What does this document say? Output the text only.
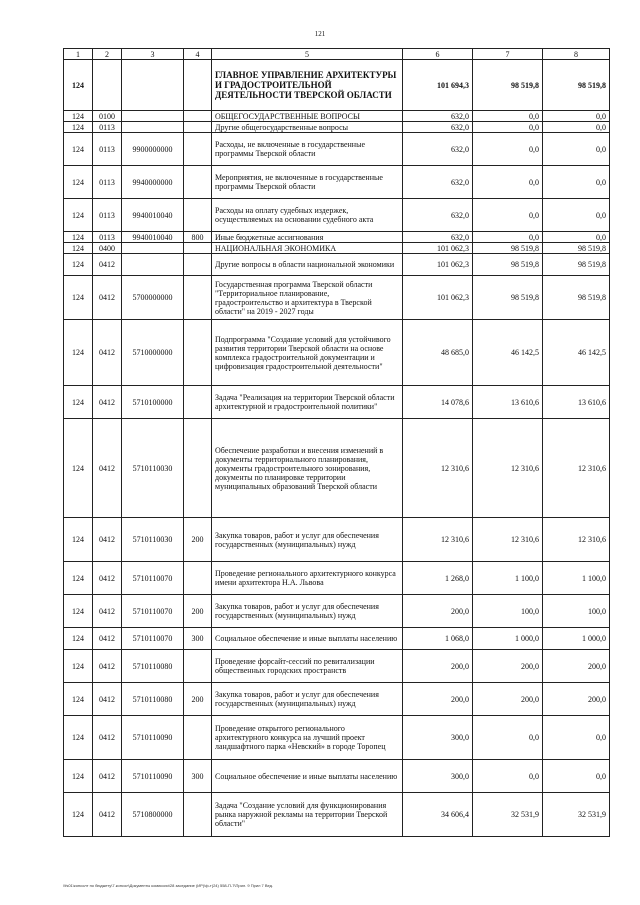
121
1	2	3	4	5	6	7	8
124				ГЛАВНОЕ УПРАВЛЕНИЕ АРХИТЕКТУРЫ И ГРАДОСТРОИТЕЛЬНОЙ ДЕЯТЕЛЬНОСТИ ТВЕРСКОЙ ОБЛАСТИ	101 694,3	98 519,8	98 519,8
124	0100			ОБЩЕГОСУДАРСТВЕННЫЕ ВОПРОСЫ	632,0	0,0	0,0
124	0113			Другие общегосударственные вопросы	632,0	0,0	0,0
124	0113	9900000000		Расходы, не включенные в государственные программы Тверской области	632,0	0,0	0,0
124	0113	9940000000		Мероприятия, не включенные в государственные программы Тверской области	632,0	0,0	0,0
124	0113	9940010040		Расходы на оплату судебных издержек, осуществляемых на основании судебного акта	632,0	0,0	0,0
124	0113	9940010040	800	Иные бюджетные ассигнования	632,0	0,0	0,0
124	0400			НАЦИОНАЛЬНАЯ ЭКОНОМИКА	101 062,3	98 519,8	98 519,8
124	0412			Другие вопросы в области национальной экономики	101 062,3	98 519,8	98 519,8
124	0412	5700000000		Государственная программа Тверской области "Территориальное планирование, градостроительство и архитектура в Тверской области" на 2019 - 2027 годы	101 062,3	98 519,8	98 519,8
124	0412	5710000000		Подпрограмма "Создание условий для устойчивого развития территории Тверской области на основе комплекса градостроительной документации и цифровизация градостроительной деятельности"	48 685,0	46 142,5	46 142,5
124	0412	5710100000		Задача "Реализация на территории Тверской области архитектурной и градостроительной политики"	14 078,6	13 610,6	13 610,6
124	0412	5710110030		Обеспечение разработки и внесения изменений в документы территориального планирования, документы градостроительного зонирования, документы по планировке территории муниципальных образований Тверской области	12 310,6	12 310,6	12 310,6
124	0412	5710110030	200	Закупка товаров, работ и услуг для обеспечения государственных (муниципальных) нужд	12 310,6	12 310,6	12 310,6
124	0412	5710110070		Проведение регионального архитектурного конкурса имени архитектора Н.А. Львова	1 268,0	1 100,0	1 100,0
124	0412	5710110070	200	Закупка товаров, работ и услуг для обеспечения государственных (муниципальных) нужд	200,0	100,0	100,0
124	0412	5710110070	300	Социальное обеспечение и иные выплаты населению	1 068,0	1 000,0	1 000,0
124	0412	5710110080		Проведение форсайт-сессий по ревитализации общественных городских пространств	200,0	200,0	200,0
124	0412	5710110080	200	Закупка товаров, работ и услуг для обеспечения государственных (муниципальных) нужд	200,0	200,0	200,0
124	0412	5710110090		Проведение открытого регионального архитектурного конкурса на лучший проект ландшафтного парка «Невский» в городе Торопец	300,0	0,0	0,0
124	0412	5710110090	300	Социальное обеспечение и иные выплаты населению	300,0	0,0	0,0
124	0412	5710800000		Задача "Создание условий для функционирования рынка наружной рекламы на территории Тверской области"	34 606,4	32 531,9	32 531,9
\\fs01\консолт по бюджету\7.консол\Документы комиссии\28 заседание (ИР)\ф-т(24) 558-П-7\Прил. 9 Прил 7 Вед.
